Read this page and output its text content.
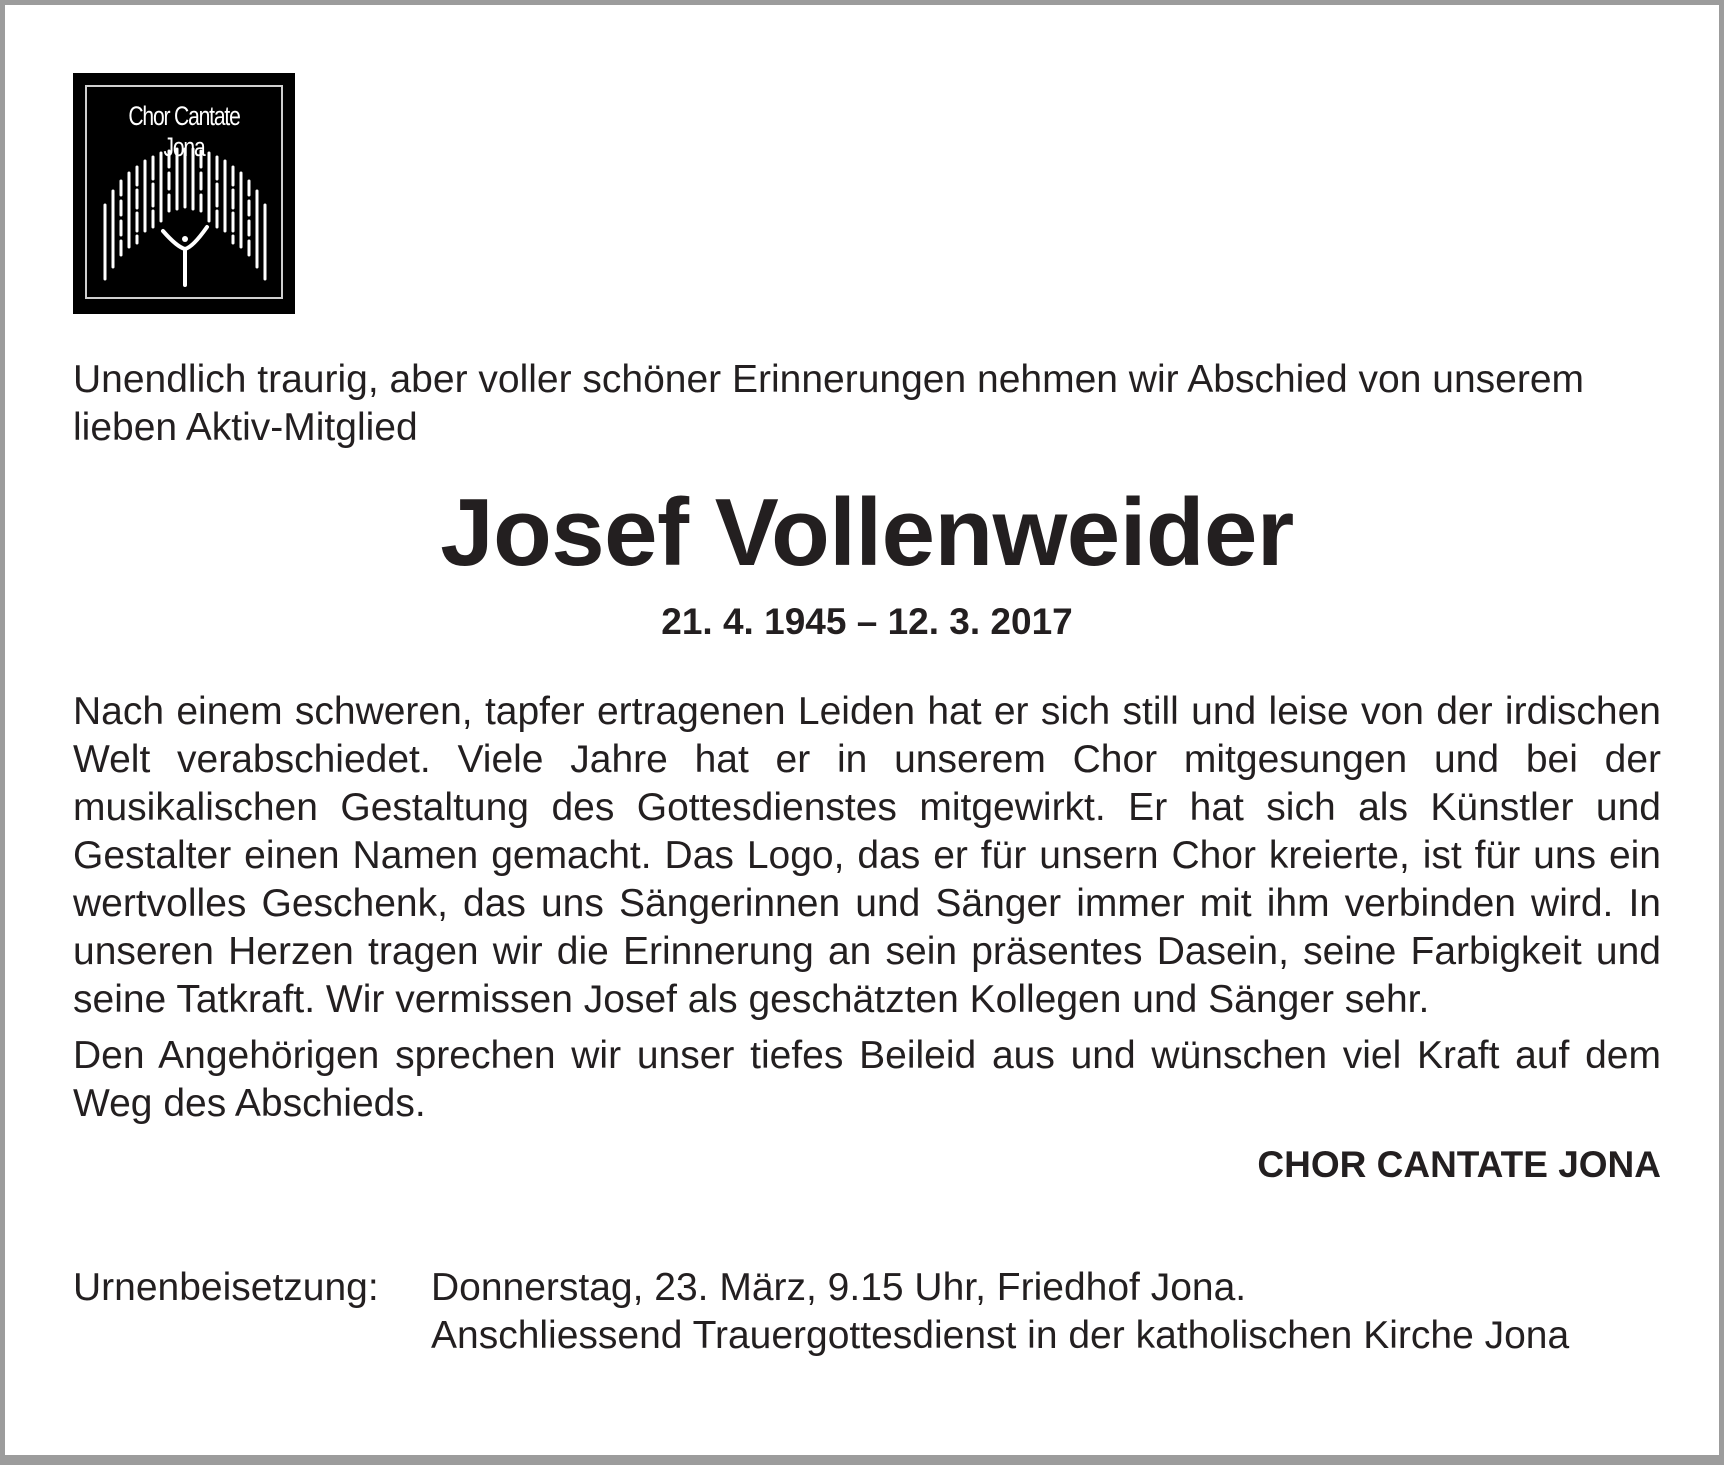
Chor Cantate Jona
Unendlich traurig, aber voller schöner Erinnerungen nehmen wir Abschied von unserem lieben Aktiv-Mitglied
Josef Vollenweider
21. 4. 1945 – 12. 3. 2017

Nach einem schweren, tapfer ertragenen Leiden hat er sich still und leise von der irdischen Welt verabschiedet. Viele Jahre hat er in unserem Chor mitgesungen und bei der musikalischen Gestaltung des Gottesdienstes mitgewirkt. Er hat sich als Künstler und Gestalter einen Namen gemacht. Das Logo, das er für unsern Chor kreierte, ist für uns ein wertvolles Geschenk, das uns Sängerinnen und Sänger immer mit ihm verbinden wird. In unseren Herzen tragen wir die Erinnerung an sein präsentes Dasein, seine Farbigkeit und seine Tatkraft. Wir vermissen Josef als geschätzten Kollegen und Sänger sehr.

Den Angehörigen sprechen wir unser tiefes Beileid aus und wünschen viel Kraft auf dem Weg des Abschieds.

CHOR CANTATE JONA
Urnenbeisetzung:	Donnerstag, 23. März, 9.15 Uhr, Friedhof Jona.
Anschliessend Trauergottesdienst in der katholischen Kirche Jona
